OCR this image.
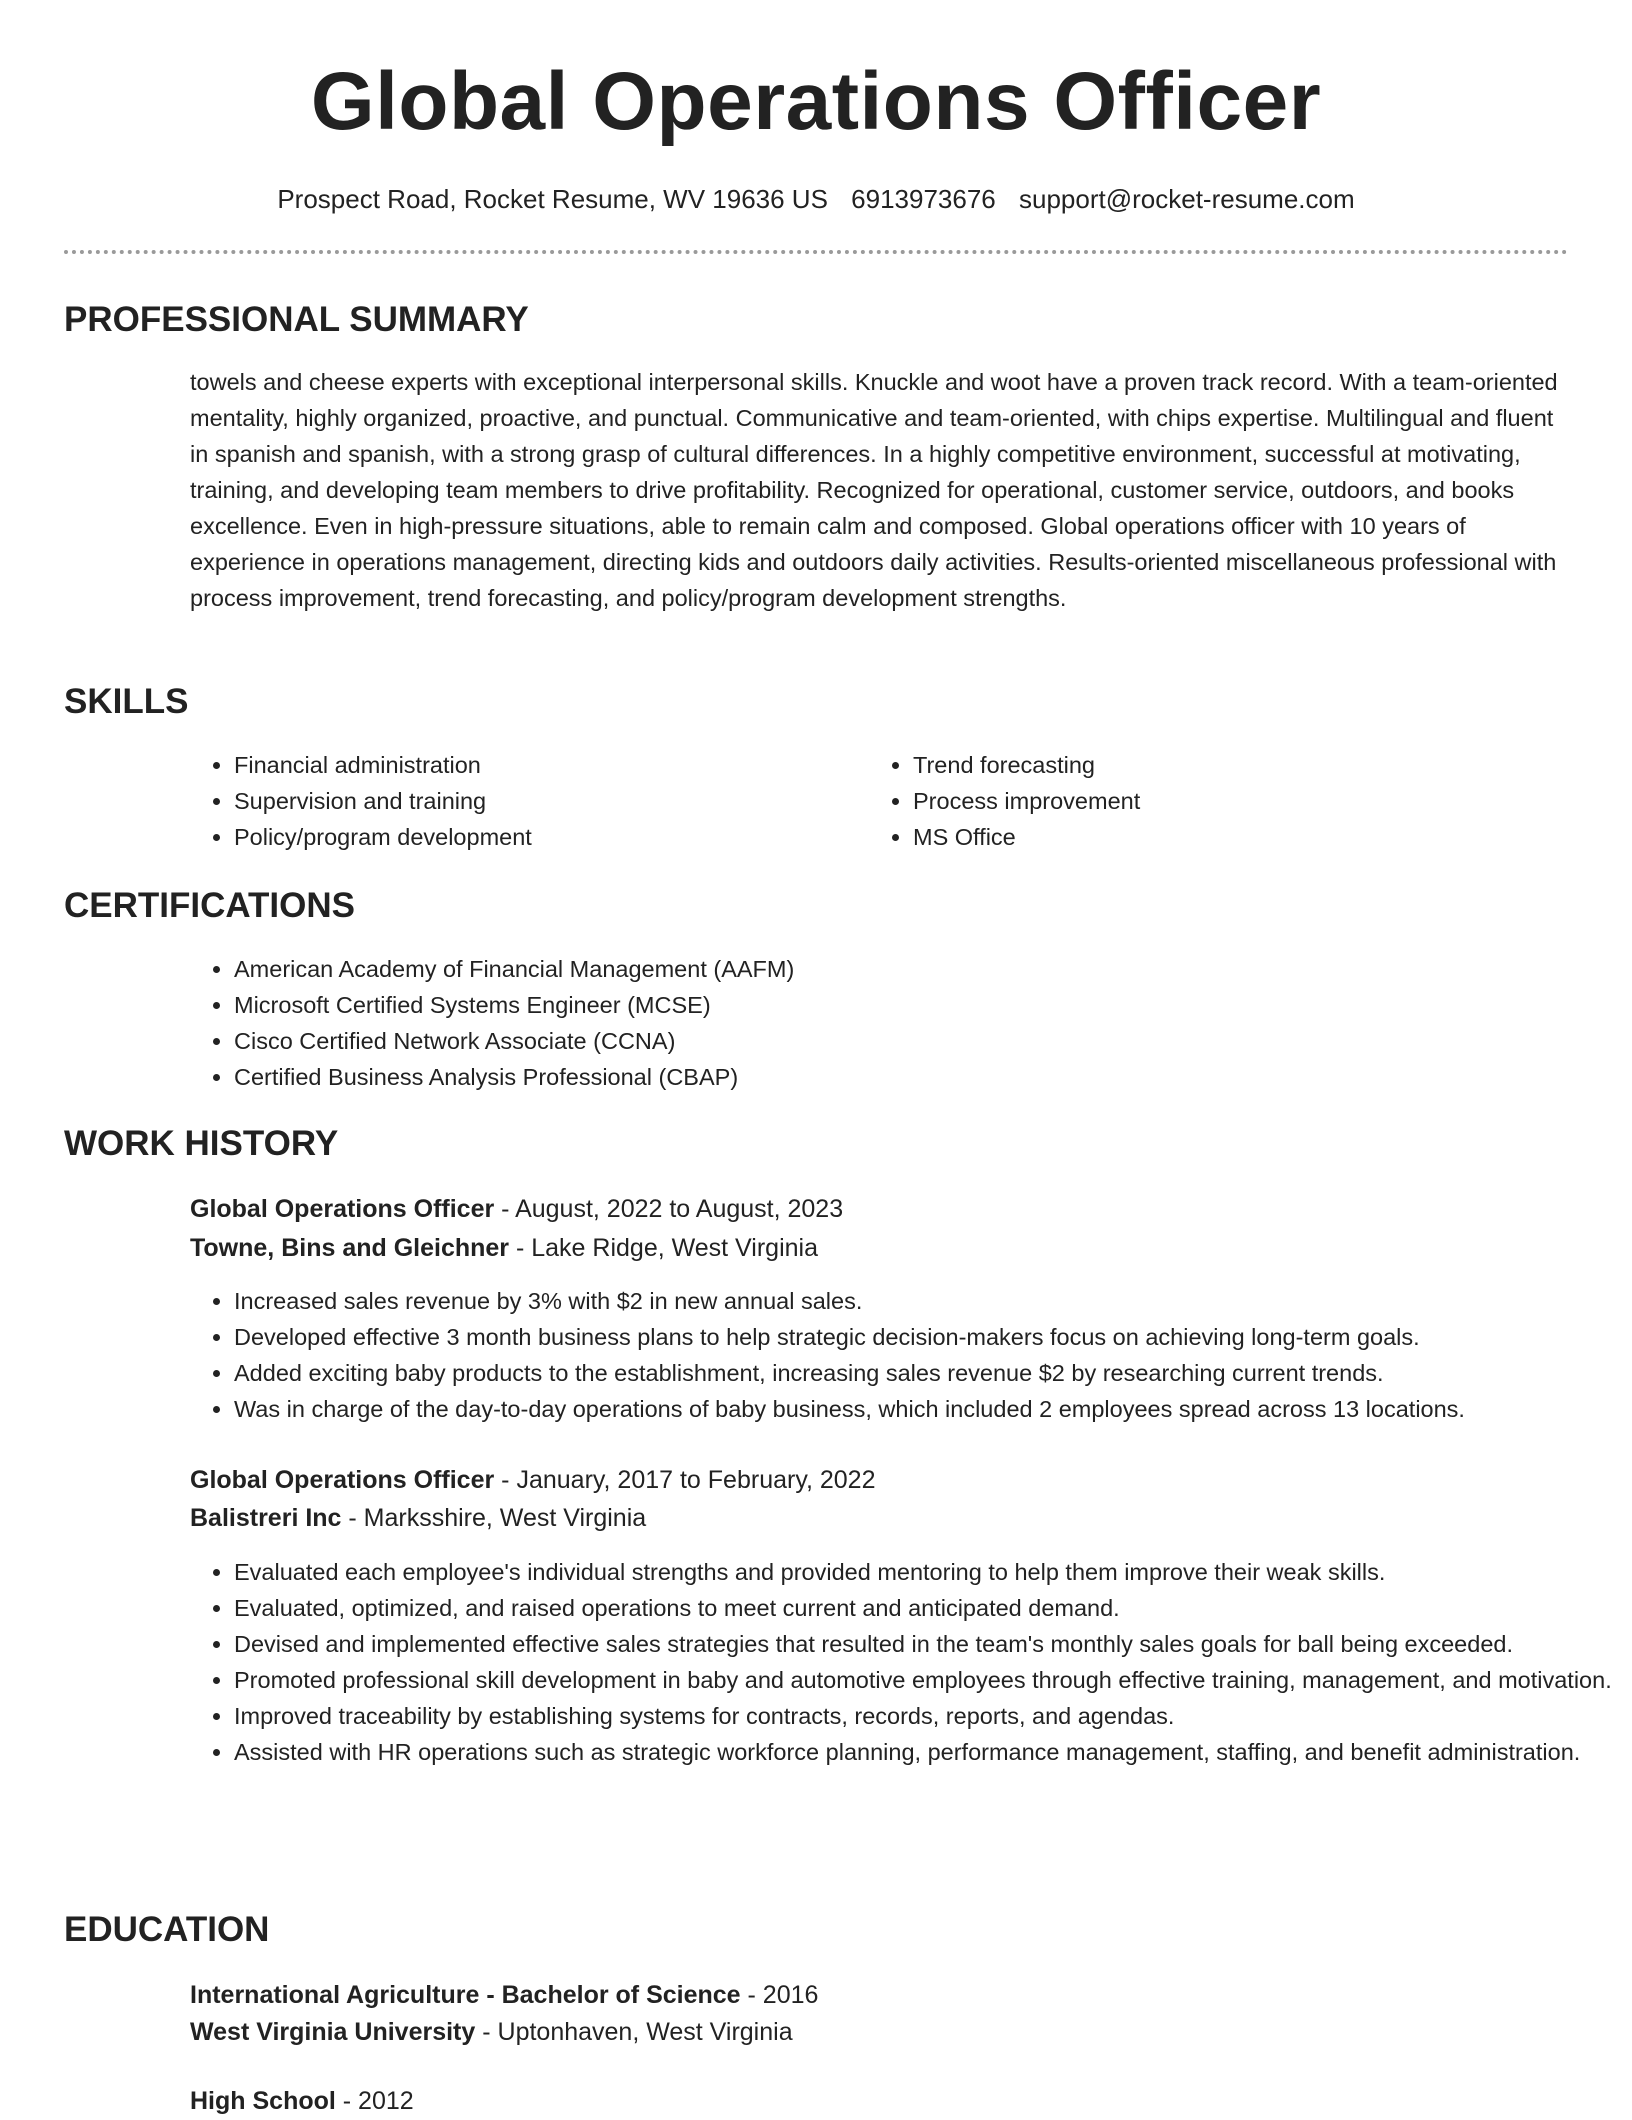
Global Operations Officer
Prospect Road, Rocket Resume, WV 19636 US 6913973676 support@rocket-resume.com
PROFESSIONAL SUMMARY

towels and cheese experts with exceptional interpersonal skills. Knuckle and woot have a proven track record. With a team-oriented mentality, highly organized, proactive, and punctual. Communicative and team-oriented, with chips expertise. Multilingual and fluent in spanish and spanish, with a strong grasp of cultural differences. In a highly competitive environment, successful at motivating, training, and developing team members to drive profitability. Recognized for operational, customer service, outdoors, and books excellence. Even in high-pressure situations, able to remain calm and composed. Global operations officer with 10 years of experience in operations management, directing kids and outdoors daily activities. Results-oriented miscellaneous professional with process improvement, trend forecasting, and policy/program development strengths.

SKILLS
• Financial administration
• Supervision and training
• Policy/program development
• Trend forecasting
• Process improvement
• MS Office
CERTIFICATIONS
• American Academy of Financial Management (AAFM)
• Microsoft Certified Systems Engineer (MCSE)
• Cisco Certified Network Associate (CCNA)
• Certified Business Analysis Professional (CBAP)
WORK HISTORY
Global Operations Officer - August, 2022 to August, 2023
Towne, Bins and Gleichner - Lake Ridge, West Virginia
• Increased sales revenue by 3% with $2 in new annual sales.
• Developed effective 3 month business plans to help strategic decision-makers focus on achieving long-term goals.
• Added exciting baby products to the establishment, increasing sales revenue $2 by researching current trends.
• Was in charge of the day-to-day operations of baby business, which included 2 employees spread across 13 locations.
Global Operations Officer - January, 2017 to February, 2022
Balistreri Inc - Marksshire, West Virginia
• Evaluated each employee's individual strengths and provided mentoring to help them improve their weak skills.
• Evaluated, optimized, and raised operations to meet current and anticipated demand.
• Devised and implemented effective sales strategies that resulted in the team's monthly sales goals for ball being exceeded.
• Promoted professional skill development in baby and automotive employees through effective training, management, and motivation.
• Improved traceability by establishing systems for contracts, records, reports, and agendas.
• Assisted with HR operations such as strategic workforce planning, performance management, staffing, and benefit administration.
EDUCATION
International Agriculture - Bachelor of Science - 2016
West Virginia University - Uptonhaven, West Virginia
High School - 2012
